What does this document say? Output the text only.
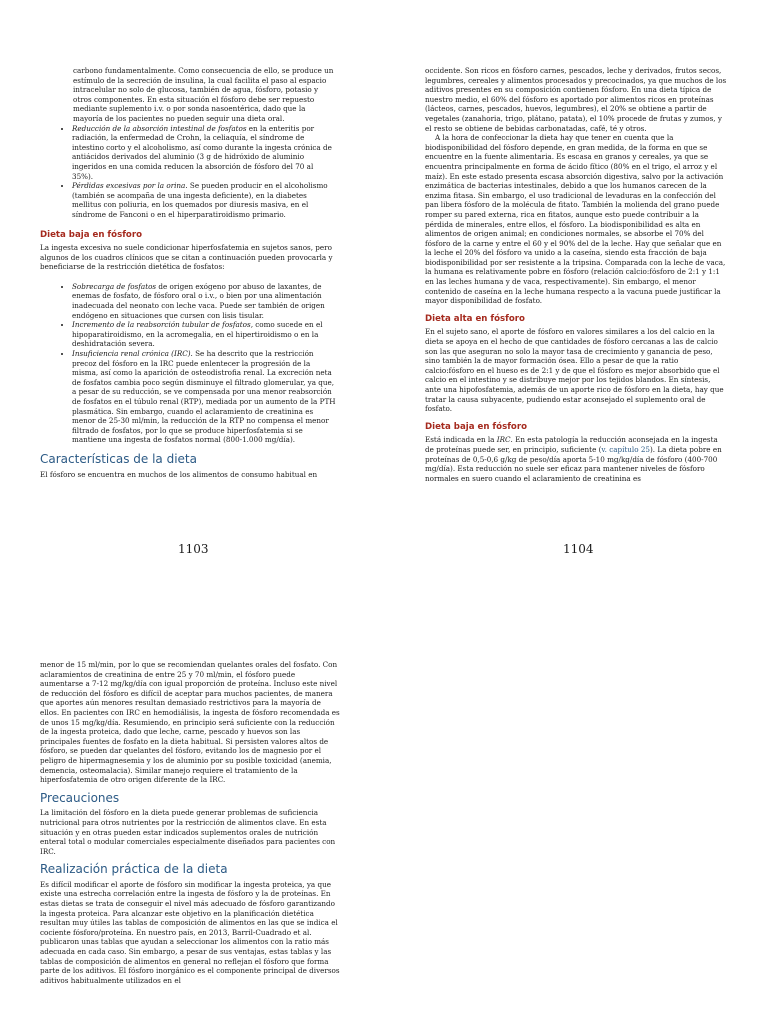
carbono fundamentalmente. Como consecuencia de ello, se produce un estímulo de la secreción de insulina, la cual facilita el paso al espacio intracelular no solo de glucosa, también de agua, fósforo, potasio y otros componentes. En esta situación el fósforo debe ser repuesto mediante suplemento i.v. o por sonda nasoentérica, dado que la mayoría de los pacientes no pueden seguir una dieta oral.

• Reducción de la absorción intestinal de fosfatos en la enteritis por radiación, la enfermedad de Crohn, la celiaquía, el síndrome de intestino corto y el alcoholismo, así como durante la ingesta crónica de antiácidos derivados del aluminio (3 g de hidróxido de aluminio ingeridos en una comida reducen la absorción de fósforo del 70 al 35%).
• Pérdidas excesivas por la orina. Se pueden producir en el alcoholismo (también se acompaña de una ingesta deficiente), en la diabetes mellitus con poliuria, en los quemados por diuresis masiva, en el síndrome de Fanconi o en el hiperparatiroidismo primario.

Dieta baja en fósforo

La ingesta excesiva no suele condicionar hiperfosfatemia en sujetos sanos, pero algunos de los cuadros clínicos que se citan a continuación pueden provocarla y beneficiarse de la restricción dietética de fosfatos:

• Sobrecarga de fosfatos de origen exógeno por abuso de laxantes, de enemas de fosfato, de fósforo oral o i.v., o bien por una alimentación inadecuada del neonato con leche vaca. Puede ser también de origen endógeno en situaciones que cursen con lisis tisular.
• Incremento de la reabsorción tubular de fosfatos, como sucede en el hipoparatiroidismo, en la acromegalia, en el hipertiroidismo o en la deshidratación severa.
• Insuficiencia renal crónica (IRC). Se ha descrito que la restricción precoz del fósforo en la IRC puede enlentecer la progresión de la misma, así como la aparición de osteodistrofia renal. La excreción neta de fosfatos cambia poco según disminuye el filtrado glomerular, ya que, a pesar de su reducción, se ve compensada por una menor reabsorción de fosfatos en el túbulo renal (RTP), mediada por un aumento de la PTH plasmática. Sin embargo, cuando el aclaramiento de creatinina es menor de 25-30 ml/min, la reducción de la RTP no compensa el menor filtrado de fosfatos, por lo que se produce hiperfosfatemia si se mantiene una ingesta de fosfatos normal (800-1.000 mg/día).

Características de la dieta

El fósforo se encuentra en muchos de los alimentos de consumo habitual en

1103

occidente. Son ricos en fósforo carnes, pescados, leche y derivados, frutos secos, legumbres, cereales y alimentos procesados y precocinados, ya que muchos de los aditivos presentes en su composición contienen fósforo. En una dieta típica de nuestro medio, el 60% del fósforo es aportado por alimentos ricos en proteínas (lácteos, carnes, pescados, huevos, legumbres), el 20% se obtiene a partir de vegetales (zanahoria, trigo, plátano, patata), el 10% procede de frutas y zumos, y el resto se obtiene de bebidas carbonatadas, café, té y otros.

A la hora de confeccionar la dieta hay que tener en cuenta que la biodisponibilidad del fósforo depende, en gran medida, de la forma en que se encuentre en la fuente alimentaria. Es escasa en granos y cereales, ya que se encuentra principalmente en forma de ácido fítico (80% en el trigo, el arroz y el maíz). En este estado presenta escasa absorción digestiva, salvo por la activación enzimática de bacterias intestinales, debido a que los humanos carecen de la enzima fitasa. Sin embargo, el uso tradicional de levaduras en la confección del pan libera fósforo de la molécula de fitato. También la molienda del grano puede romper su pared externa, rica en fitatos, aunque esto puede contribuir a la pérdida de minerales, entre ellos, el fósforo. La biodisponibilidad es alta en alimentos de origen animal; en condiciones normales, se absorbe el 70% del fósforo de la carne y entre el 60 y el 90% del de la leche. Hay que señalar que en la leche el 20% del fósforo va unido a la caseína, siendo esta fracción de baja biodisponibilidad por ser resistente a la tripsina. Comparada con la leche de vaca, la humana es relativamente pobre en fósforo (relación calcio:fósforo de 2:1 y 1:1 en las leches humana y de vaca, respectivamente). Sin embargo, el menor contenido de caseína en la leche humana respecto a la vacuna puede justificar la mayor disponibilidad de fosfato.

Dieta alta en fósforo

En el sujeto sano, el aporte de fósforo en valores similares a los del calcio en la dieta se apoya en el hecho de que cantidades de fósforo cercanas a las de calcio son las que aseguran no solo la mayor tasa de crecimiento y ganancia de peso, sino también la de mayor formación ósea. Ello a pesar de que la ratio calcio:fósforo en el hueso es de 2:1 y de que el fósforo es mejor absorbido que el calcio en el intestino y se distribuye mejor por los tejidos blandos. En síntesis, ante una hipofosfatemia, además de un aporte rico de fósforo en la dieta, hay que tratar la causa subyacente, pudiendo estar aconsejado el suplemento oral de fosfato.

Dieta baja en fósforo

Está indicada en la IRC. En esta patología la reducción aconsejada en la ingesta de proteínas puede ser, en principio, suficiente (v. capítulo 25). La dieta pobre en proteínas de 0,5-0,6 g/kg de peso/día aporta 5-10 mg/kg/día de fósforo (400-700 mg/día). Esta reducción no suele ser eficaz para mantener niveles de fósforo normales en suero cuando el aclaramiento de creatinina es

1104

menor de 15 ml/min, por lo que se recomiendan quelantes orales del fosfato. Con aclaramientos de creatinina de entre 25 y 70 ml/min, el fósforo puede aumentarse a 7-12 mg/kg/día con igual proporción de proteína. Incluso este nivel de reducción del fósforo es difícil de aceptar para muchos pacientes, de manera que aportes aún menores resultan demasiado restrictivos para la mayoría de ellos. En pacientes con IRC en hemodiálisis, la ingesta de fósforo recomendada es de unos 15 mg/kg/día. Resumiendo, en principio será suficiente con la reducción de la ingesta proteica, dado que leche, carne, pescado y huevos son las principales fuentes de fosfato en la dieta habitual. Si persisten valores altos de fósforo, se pueden dar quelantes del fósforo, evitando los de magnesio por el peligro de hipermagnesemia y los de aluminio por su posible toxicidad (anemia, demencia, osteomalacia). Similar manejo requiere el tratamiento de la hiperfosfatemia de otro origen diferente de la IRC.

Precauciones

La limitación del fósforo en la dieta puede generar problemas de suficiencia nutricional para otros nutrientes por la restricción de alimentos clave. En esta situación y en otras pueden estar indicados suplementos orales de nutrición enteral total o modular comerciales especialmente diseñados para pacientes con IRC.

Realización práctica de la dieta

Es difícil modificar el aporte de fósforo sin modificar la ingesta proteica, ya que existe una estrecha correlación entre la ingesta de fósforo y la de proteínas. En estas dietas se trata de conseguir el nivel más adecuado de fósforo garantizando la ingesta proteica. Para alcanzar este objetivo en la planificación dietética resultan muy útiles las tablas de composición de alimentos en las que se indica el cociente fósforo/proteína. En nuestro país, en 2013, Barril-Cuadrado et al. publicaron unas tablas que ayudan a seleccionar los alimentos con la ratio más adecuada en cada caso. Sin embargo, a pesar de sus ventajas, estas tablas y las tablas de composición de alimentos en general no reflejan el fósforo que forma parte de los aditivos. El fósforo inorgánico es el componente principal de diversos aditivos habitualmente utilizados en el
